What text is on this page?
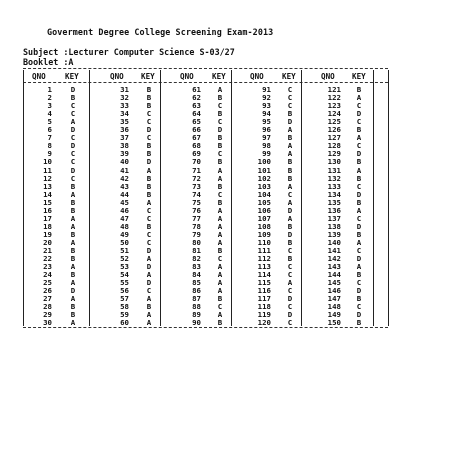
Goverment Degree College Screening Exam-2013
Subject :Lecturer Computer Science S-03/27
Booklet :A
QNO	KEY	QNO KEY	QNO KEY	QNO KEY	QNO KEY
1	D	31	B	61	A	91	C	121	B
2	B	32	B	62	B	92	C	122	A
3	C	33	B	63	C	93	C	123	C
4	C	34	C	64	B	94	B	124	D
5	A	35	C	65	C	95	D	125	C
6	D	36	D	66	D	96	A	126	B
7	C	37	C	67	B	97	B	127	A
8	D	38	B	68	B	98	A	128	C
9	C	39	B	69	C	99	A	129	D
10	C	40	D	70	B	100	B	130	B
11	D	41	A	71	A	101	B	131	A
12	C	42	B	72	A	102	B	132	B
13	B	43	B	73	B	103	A	133	C
14	A	44	B	74	C	104	C	134	D
15	B	45	A	75	B	105	A	135	B
16	B	46	C	76	A	106	D	136	A
17	A	47	C	77	A	107	A	137	C
18	A	48	B	78	A	108	B	138	D
19	B	49	C	79	A	109	D	139	B
20	A	50	C	80	A	110	B	140	A
21	B	51	D	81	B	111	C	141	C
22	B	52	A	82	C	112	B	142	D
23	A	53	D	83	A	113	C	143	A
24	B	54	A	84	A	114	C	144	B
25	A	55	D	85	A	115	A	145	C
26	D	56	C	86	A	116	C	146	D
27	A	57	A	87	B	117	D	147	B
28	B	58	B	88	C	118	C	148	C
29	B	59	A	89	A	119	D	149	D
30	A	60	A	90	B	120	C	150	B
